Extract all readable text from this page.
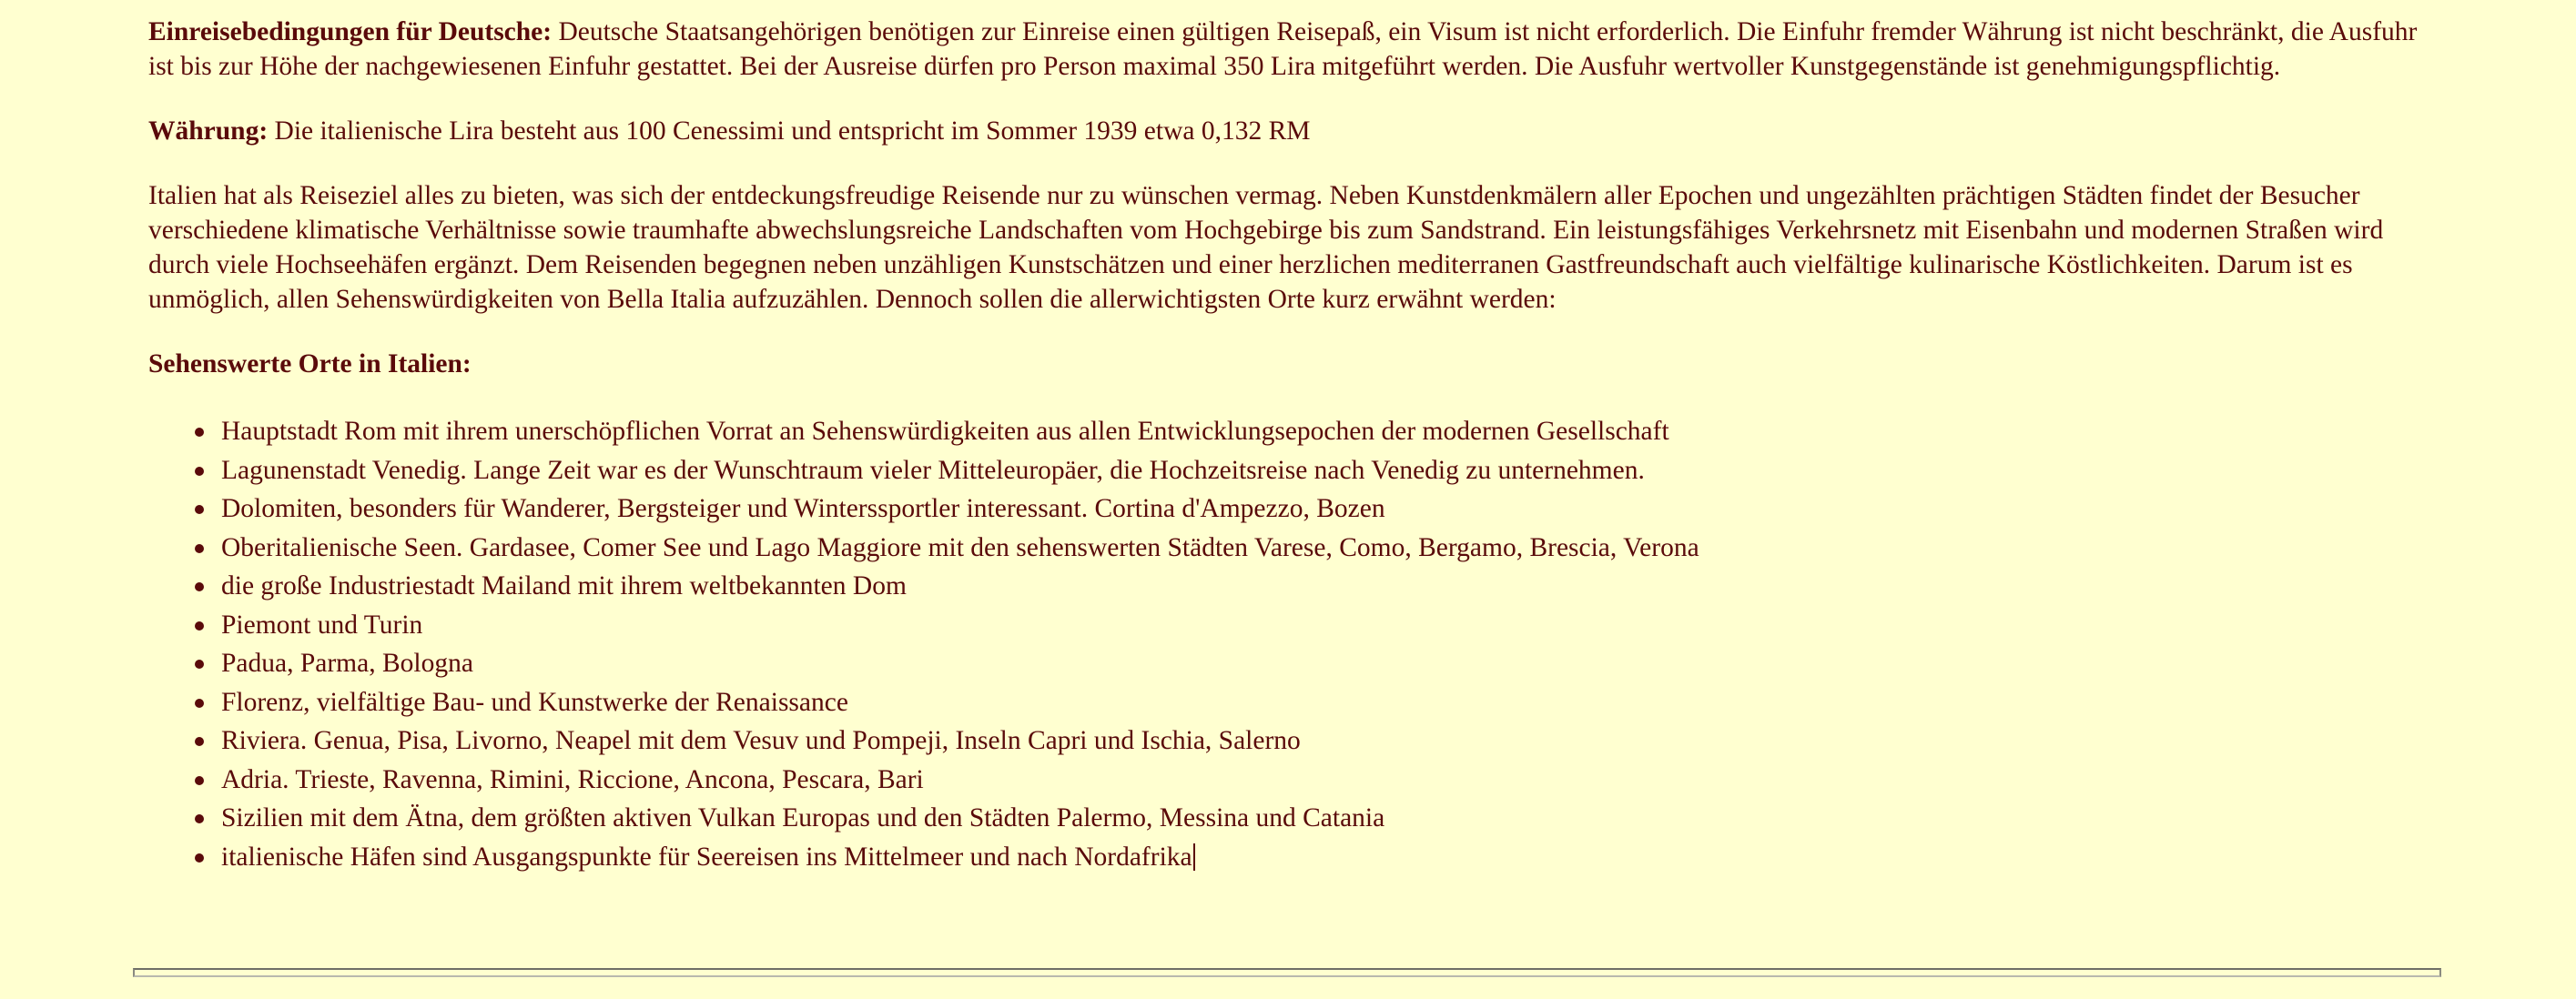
Einreisebedingungen für Deutsche: Deutsche Staatsangehörigen benötigen zur Einreise einen gültigen Reisepaß, ein Visum ist nicht erforderlich. Die Einfuhr fremder Währung ist nicht beschränkt, die Ausfuhr ist bis zur Höhe der nachgewiesenen Einfuhr gestattet. Bei der Ausreise dürfen pro Person maximal 350 Lira mitgeführt werden. Die Ausfuhr wertvoller Kunstgegenstände ist genehmigungspflichtig.

Währung: Die italienische Lira besteht aus 100 Cenessimi und entspricht im Sommer 1939 etwa 0,132 RM

Italien hat als Reiseziel alles zu bieten, was sich der entdeckungsfreudige Reisende nur zu wünschen vermag. Neben Kunstdenkmälern aller Epochen und ungezählten prächtigen Städten findet der Besucher verschiedene klimatische Verhältnisse sowie traumhafte abwechslungsreiche Landschaften vom Hochgebirge bis zum Sandstrand. Ein leistungsfähiges Verkehrsnetz mit Eisenbahn und modernen Straßen wird durch viele Hochseehäfen ergänzt. Dem Reisenden begegnen neben unzähligen Kunstschätzen und einer herzlichen mediterranen Gastfreundschaft auch vielfältige kulinarische Köstlichkeiten. Darum ist es unmöglich, allen Sehenswürdigkeiten von Bella Italia aufzuzählen. Dennoch sollen die allerwichtigsten Orte kurz erwähnt werden:

Sehenswerte Orte in Italien:

Hauptstadt Rom mit ihrem unerschöpflichen Vorrat an Sehenswürdigkeiten aus allen Entwicklungsepochen der modernen Gesellschaft
Lagunenstadt Venedig. Lange Zeit war es der Wunschtraum vieler Mitteleuropäer, die Hochzeitsreise nach Venedig zu unternehmen.
Dolomiten, besonders für Wanderer, Bergsteiger und Winterssportler interessant. Cortina d'Ampezzo, Bozen
Oberitalienische Seen. Gardasee, Comer See und Lago Maggiore mit den sehenswerten Städten Varese, Como, Bergamo, Brescia, Verona
die große Industriestadt Mailand mit ihrem weltbekannten Dom
Piemont und Turin
Padua, Parma, Bologna
Florenz, vielfältige Bau- und Kunstwerke der Renaissance
Riviera. Genua, Pisa, Livorno, Neapel mit dem Vesuv und Pompeji, Inseln Capri und Ischia, Salerno
Adria. Trieste, Ravenna, Rimini, Riccione, Ancona, Pescara, Bari
Sizilien mit dem Ätna, dem größten aktiven Vulkan Europas und den Städten Palermo, Messina und Catania
italienische Häfen sind Ausgangspunkte für Seereisen ins Mittelmeer und nach Nordafrika
